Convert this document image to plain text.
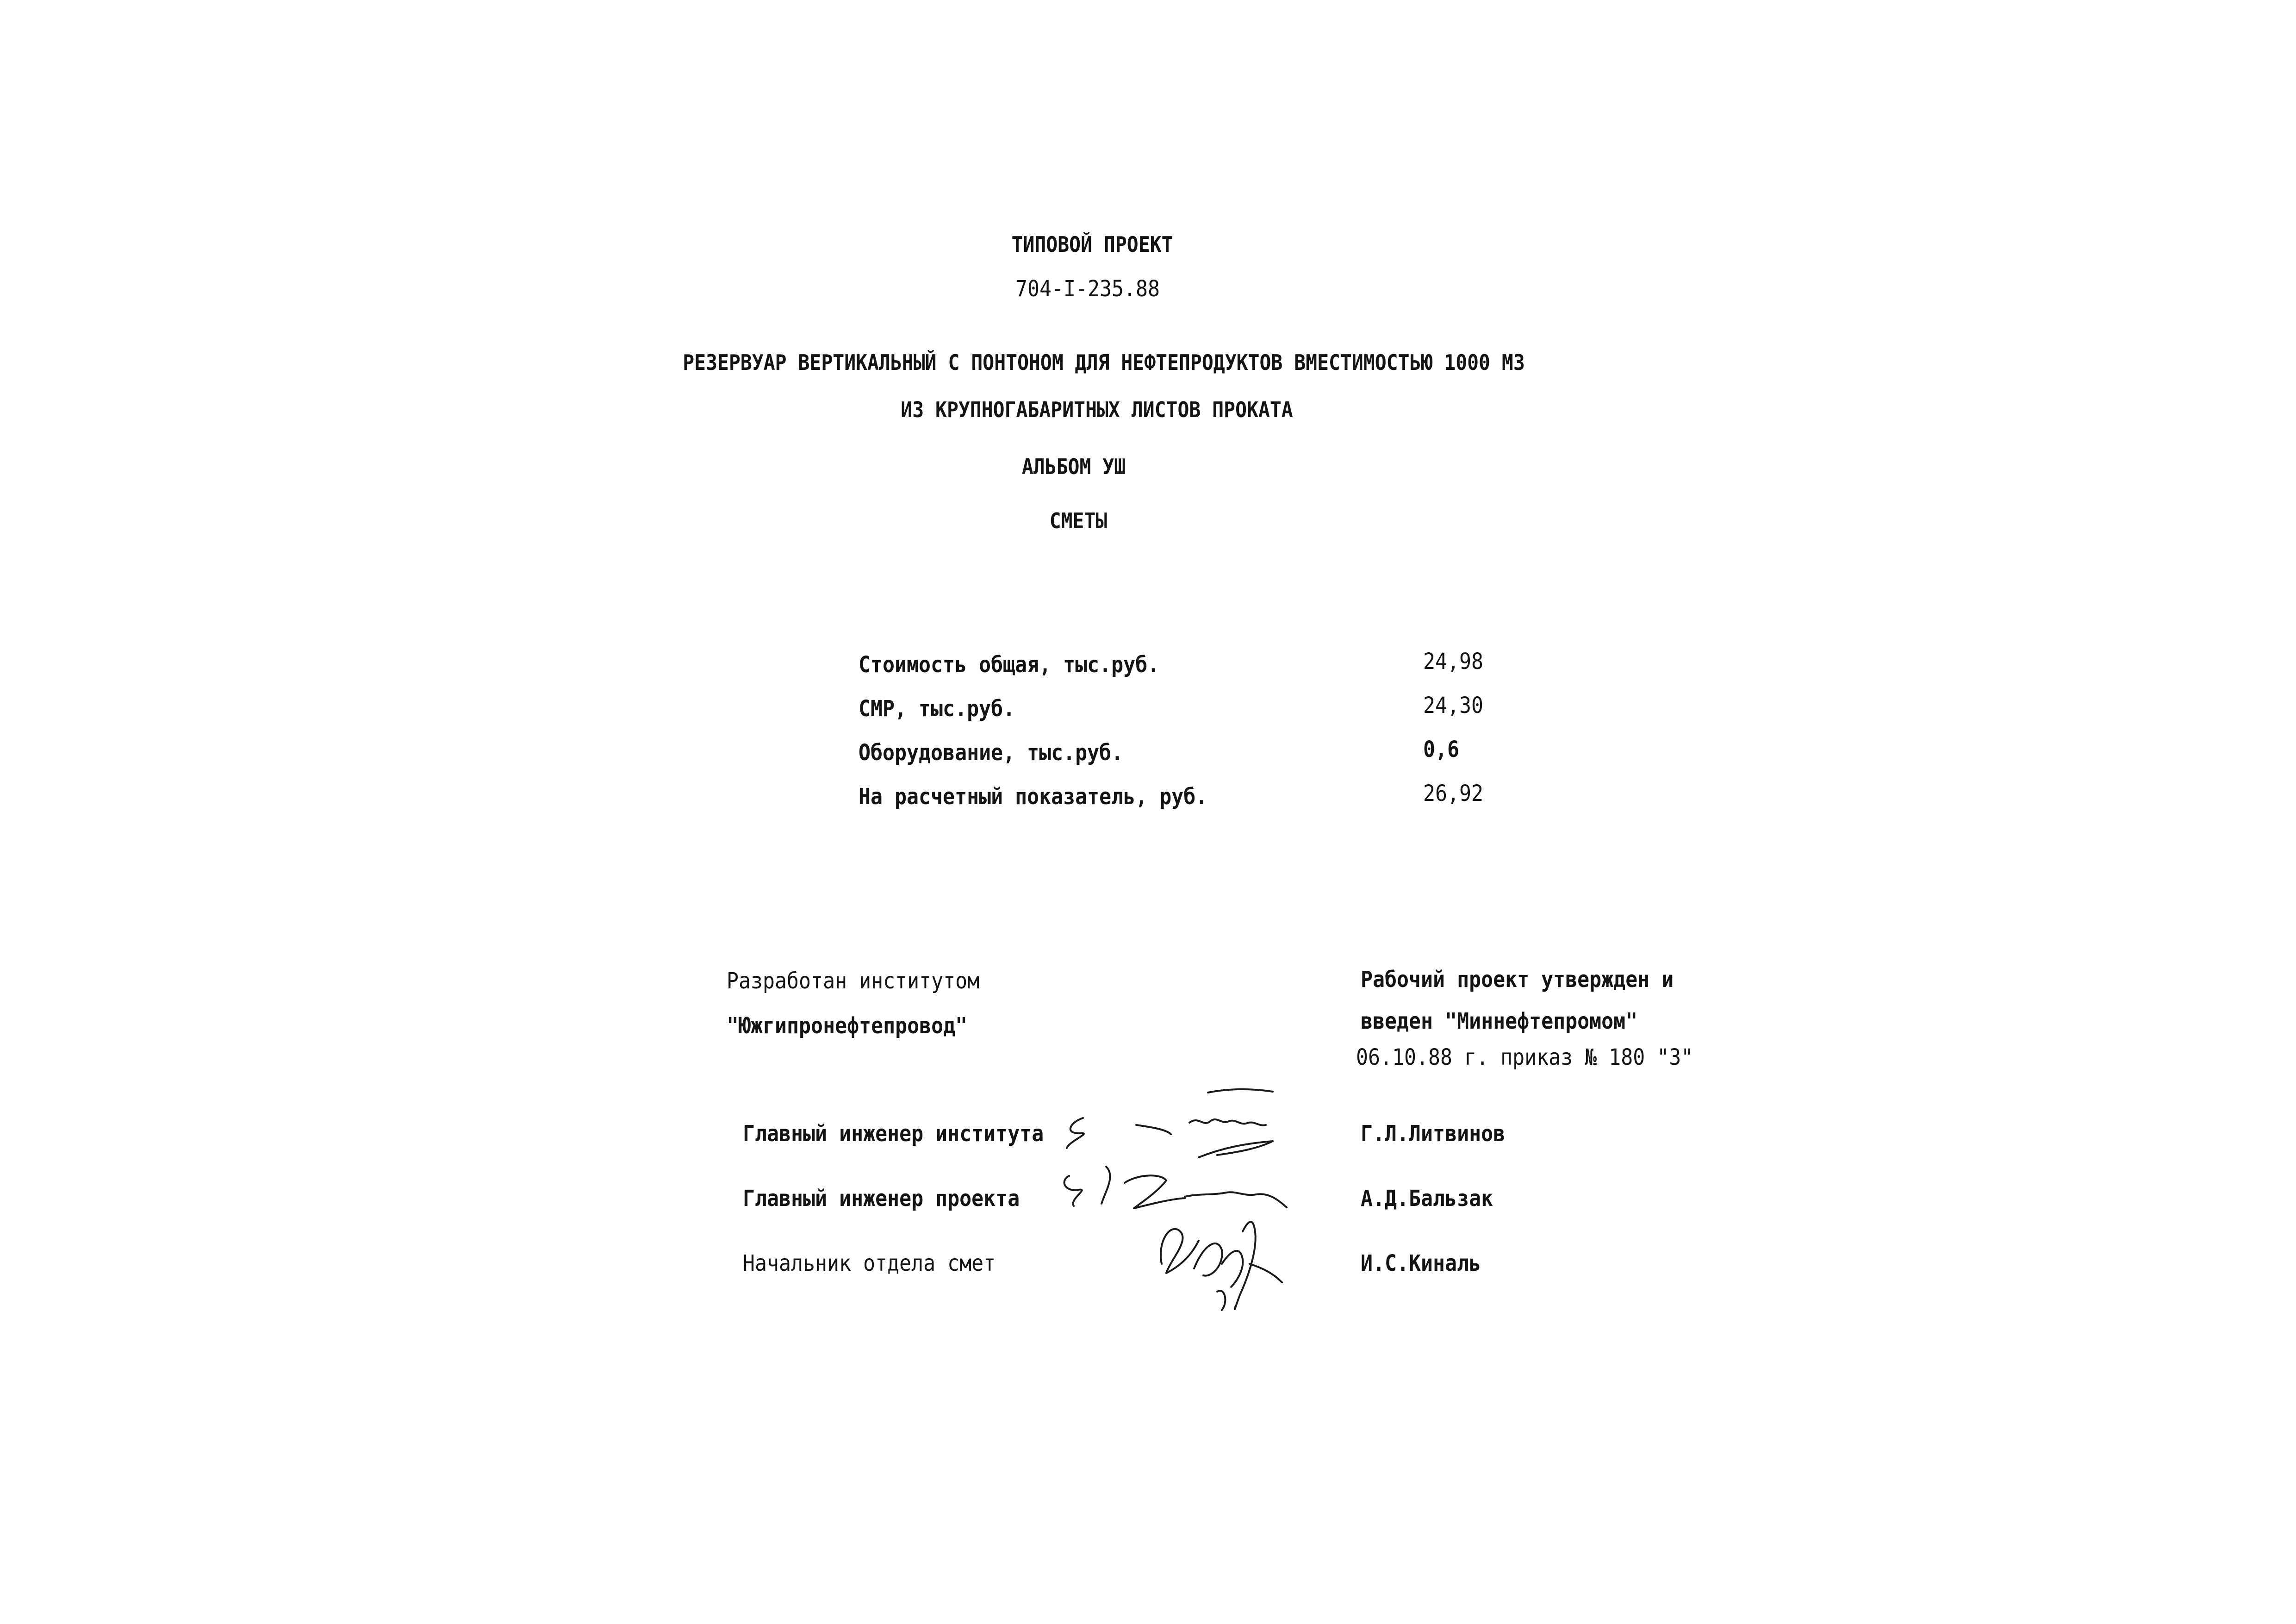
ТИПОВОЙ ПРОЕКТ
704-I-235.88
РЕЗЕРВУАР ВЕРТИКАЛЬНЫЙ С ПОНТОНОМ ДЛЯ НЕФТЕПРОДУКТОВ ВМЕСТИМОСТЬЮ 1000 М3
ИЗ КРУПНОГАБАРИТНЫХ ЛИСТОВ ПРОКАТА
АЛЬБОМ УШ
СМЕТЫ
Стоимость общая, тыс.руб.	24,98
СМР, тыс.руб.	24,30
Оборудование, тыс.руб.	0,6
На расчетный показатель, руб.	26,92
Разработан институтом
"Южгипронефтепровод"
Рабочий проект утвержден и
введен "Миннефтепромом"
06.10.88 г. приказ № 180 "3"
Главный инженер института	Г.Л.Литвинов
Главный инженер проекта	А.Д.Бальзак
Начальник отдела смет	И.С.Киналь
